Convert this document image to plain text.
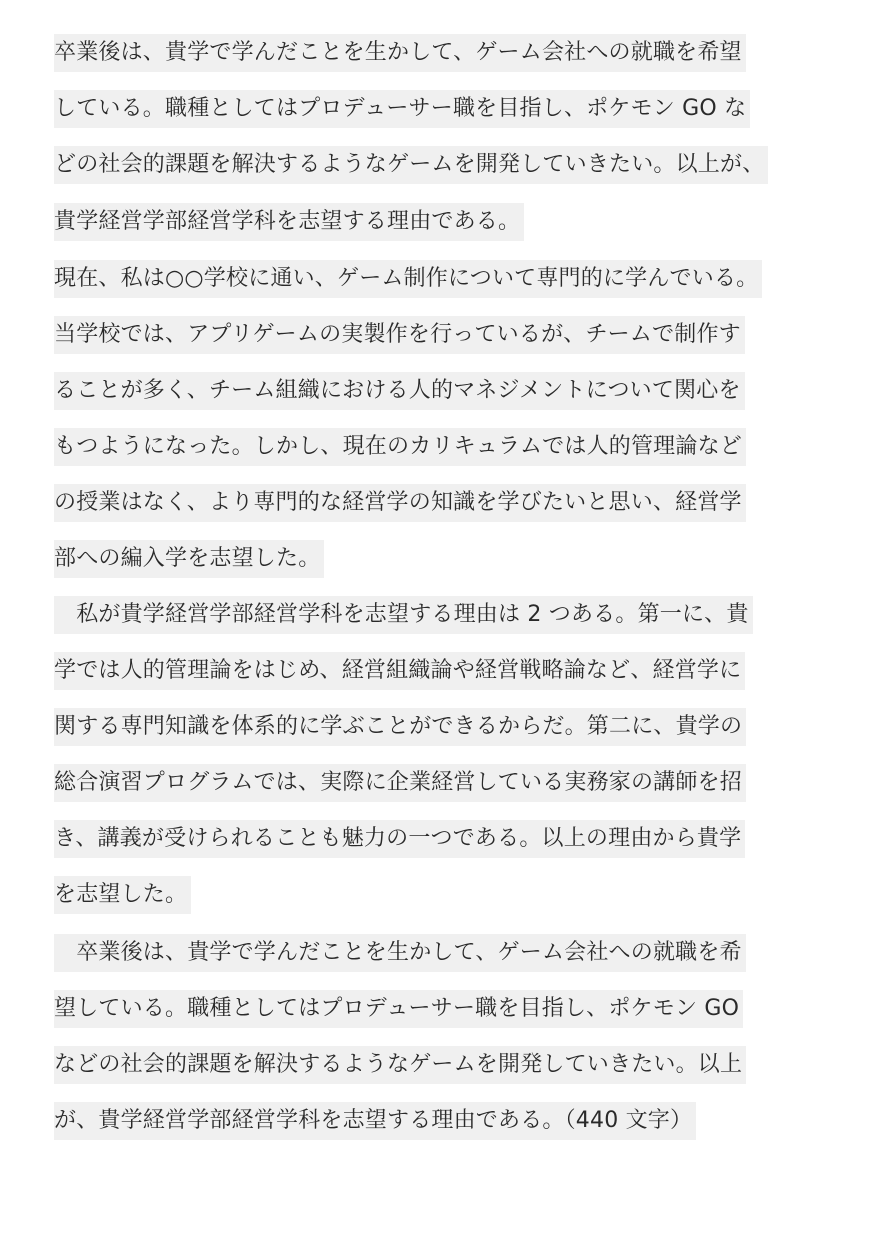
卒業後は、貴学で学んだことを生かして、ゲーム会社への就職を希望
している。職種としてはプロデューサー職を目指し、ポケモン GO な
どの社会的課題を解決するようなゲームを開発していきたい。以上が、
貴学経営学部経営学科を志望する理由である。
現在、私は○○学校に通い、ゲーム制作について専門的に学んでいる。
当学校では、アプリゲームの実製作を行っているが、チームで制作す
ることが多く、チーム組織における人的マネジメントについて関心を
もつようになった。しかし、現在のカリキュラムでは人的管理論など
の授業はなく、より専門的な経営学の知識を学びたいと思い、経営学
部への編入学を志望した。
　私が貴学経営学部経営学科を志望する理由は 2 つある。第一に、貴
学では人的管理論をはじめ、経営組織論や経営戦略論など、経営学に
関する専門知識を体系的に学ぶことができるからだ。第二に、貴学の
総合演習プログラムでは、実際に企業経営している実務家の講師を招
き、講義が受けられることも魅力の一つである。以上の理由から貴学
を志望した。
　卒業後は、貴学で学んだことを生かして、ゲーム会社への就職を希
望している。職種としてはプロデューサー職を目指し、ポケモン GO
などの社会的課題を解決するようなゲームを開発していきたい。以上
が、貴学経営学部経営学科を志望する理由である。（440 文字）
